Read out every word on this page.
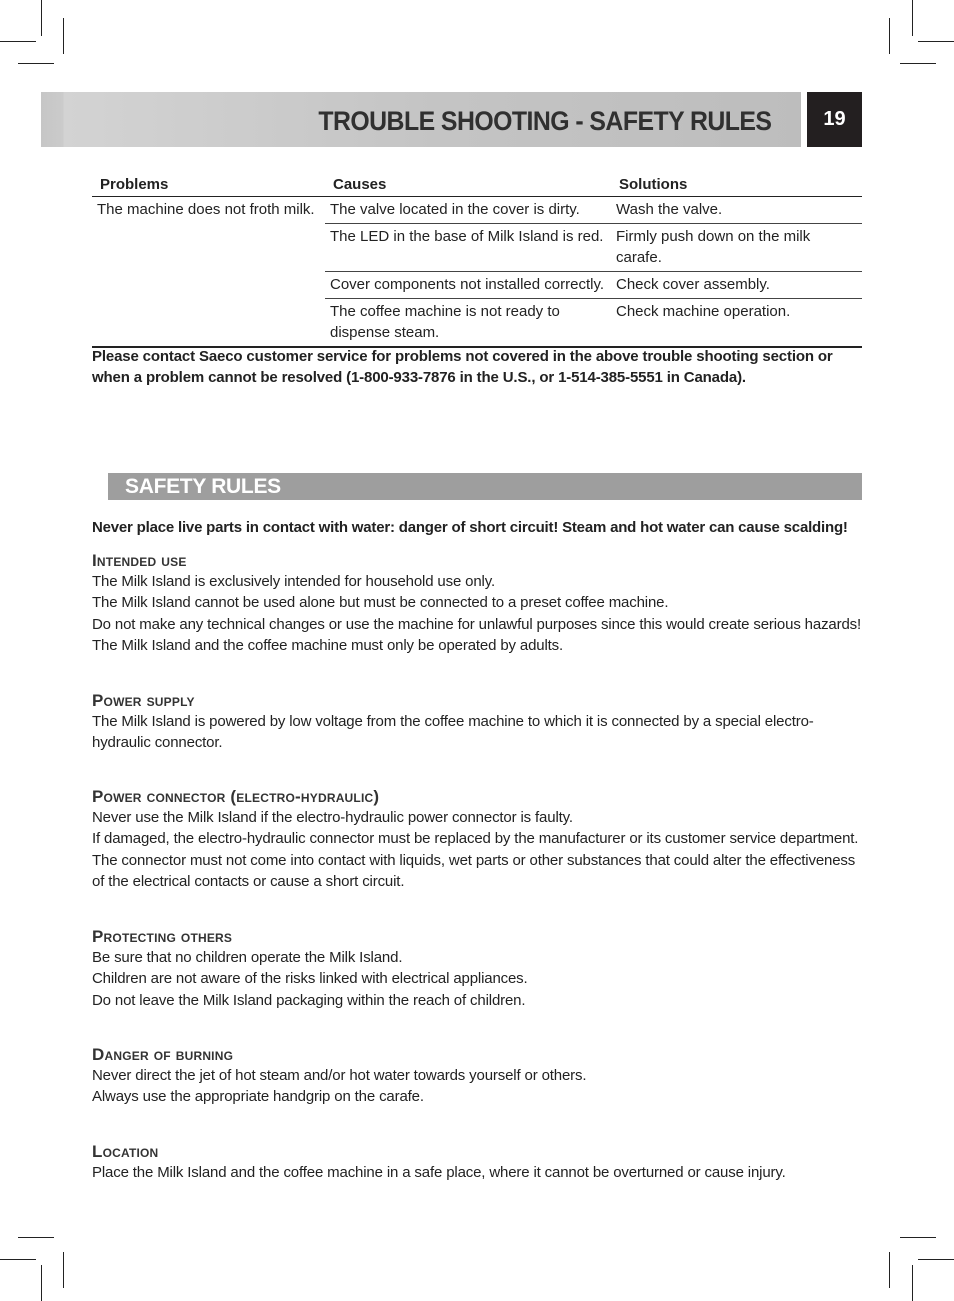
TROUBLE SHOOTING - SAFETY RULES	19
Problems	Causes	Solutions
The machine does not froth milk.	The valve located in the cover is dirty.	Wash the valve.
	The LED in the base of Milk Island is red.	Firmly push down on the milk carafe.
	Cover components not installed correctly.	Check cover assembly.
	The coffee machine is not ready to dispense steam.	Check machine operation.
Please contact Saeco customer service for problems not covered in the above trouble shooting section or when a problem cannot be resolved (1-800-933-7876 in the U.S., or 1-514-385-5551 in Canada).
SAFETY RULES
Never place live parts in contact with water: danger of short circuit! Steam and hot water can cause scalding!
Intended use
The Milk Island is exclusively intended for household use only.
The Milk Island cannot be used alone but must be connected to a preset coffee machine.
Do not make any technical changes or use the machine for unlawful purposes since this would create serious hazards!
The Milk Island and the coffee machine must only be operated by adults.
Power supply
The Milk Island is powered by low voltage from the coffee machine to which it is connected by a special electro-
hydraulic connector.
Power connector (electro-hydraulic)
Never use the Milk Island if the electro-hydraulic power connector is faulty.
If damaged, the electro-hydraulic connector must be replaced by the manufacturer or its customer service department.
The connector must not come into contact with liquids, wet parts or other substances that could alter the effectiveness
of the electrical contacts or cause a short circuit.
Protecting others
Be sure that no children operate the Milk Island.
Children are not aware of the risks linked with electrical appliances.
Do not leave the Milk Island packaging within the reach of children.
Danger of burning
Never direct the jet of hot steam and/or hot water towards yourself or others.
Always use the appropriate handgrip on the carafe.
Location
Place the Milk Island and the coffee machine in a safe place, where it cannot be overturned or cause injury.
